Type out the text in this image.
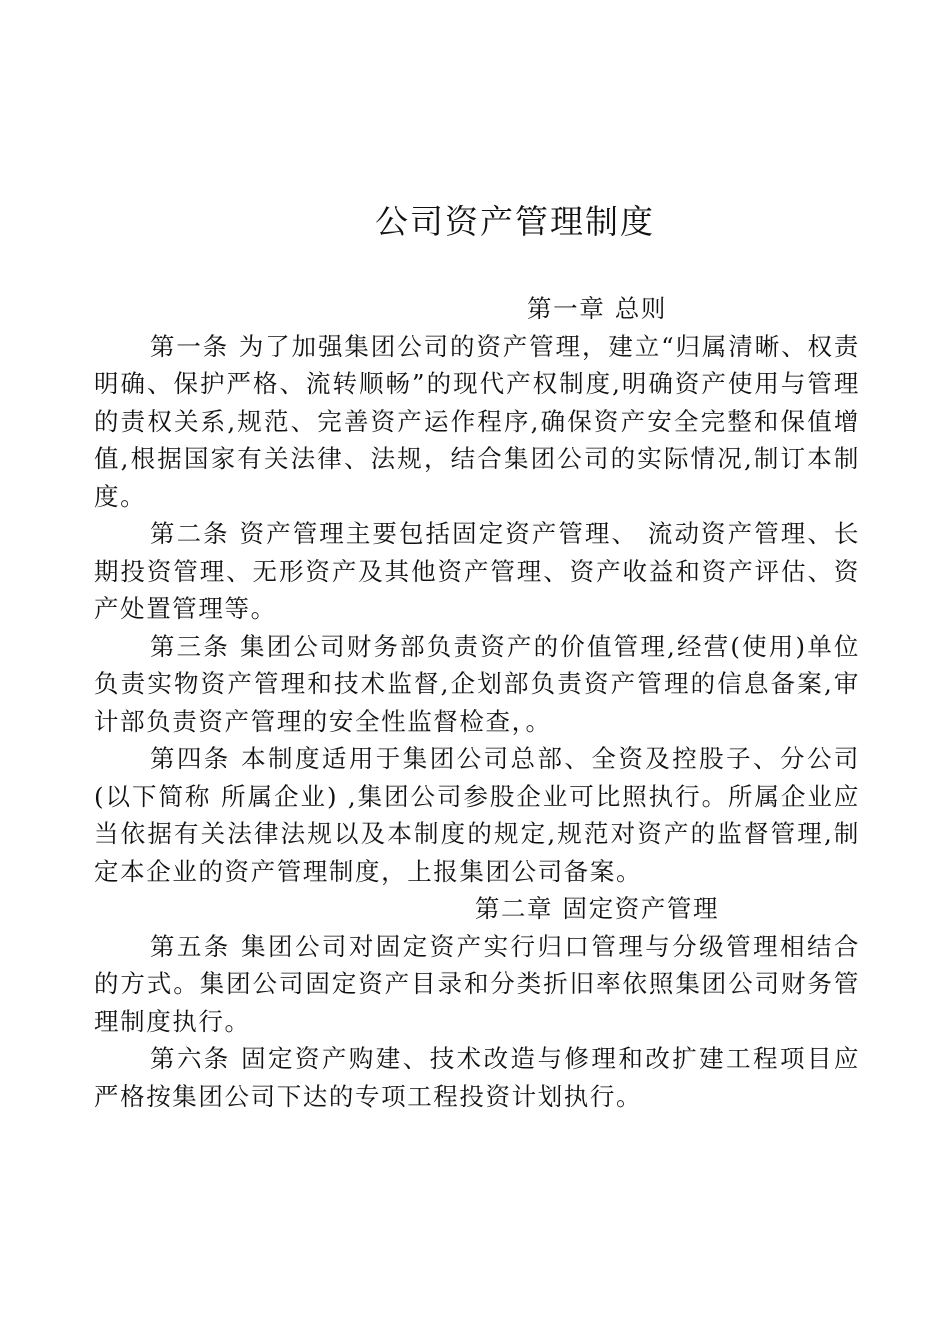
公司资产管理制度
第一章 总则

第一条 为了加强集团公司的资产管理，建立“归属清晰、权责明确、保护严格、流转顺畅”的现代产权制度,明确资产使用与管理的责权关系,规范、完善资产运作程序,确保资产安全完整和保值增值,根据国家有关法律、法规，结合集团公司的实际情况,制订本制度。

第二条 资产管理主要包括固定资产管理、 流动资产管理、长期投资管理、无形资产及其他资产管理、资产收益和资产评估、资产处置管理等。

第三条 集团公司财务部负责资产的价值管理,经营(使用)单位负责实物资产管理和技术监督,企划部负责资产管理的信息备案,审计部负责资产管理的安全性监督检查，。

第四条 本制度适用于集团公司总部、全资及控股子、分公司(以下简称 所属企业) ,集团公司参股企业可比照执行。所属企业应当依据有关法律法规以及本制度的规定,规范对资产的监督管理,制定本企业的资产管理制度，上报集团公司备案。

第二章 固定资产管理

第五条 集团公司对固定资产实行归口管理与分级管理相结合的方式。集团公司固定资产目录和分类折旧率依照集团公司财务管理制度执行。

第六条 固定资产购建、技术改造与修理和改扩建工程项目应严格按集团公司下达的专项工程投资计划执行。
